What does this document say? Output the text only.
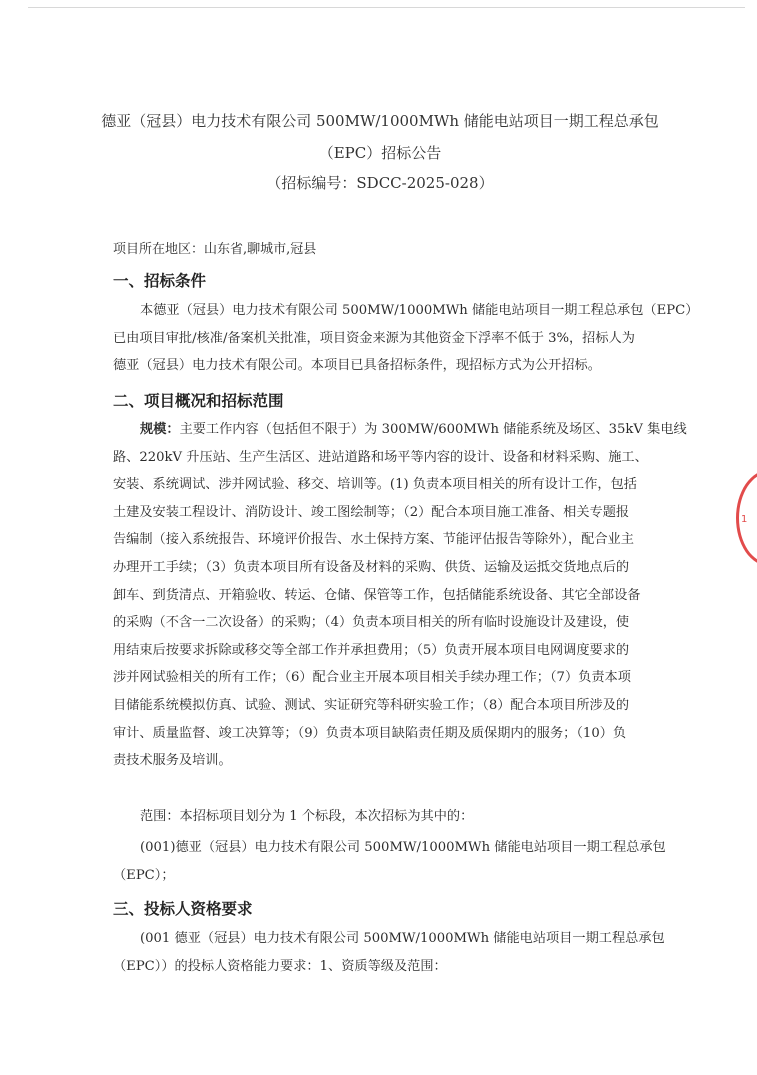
1
德亚（冠县）电力技术有限公司 500MW/1000MWh 储能电站项目一期工程总承包
（EPC）招标公告
（招标编号：SDCC-2025-028）
项目所在地区：山东省,聊城市,冠县
一、招标条件
本德亚（冠县）电力技术有限公司 500MW/1000MWh 储能电站项目一期工程总承包（EPC）
已由项目审批/核准/备案机关批准，项目资金来源为其他资金下浮率不低于 3%，招标人为
德亚（冠县）电力技术有限公司。本项目已具备招标条件，现招标方式为公开招标。
二、项目概况和招标范围
规模：主要工作内容（包括但不限于）为 300MW/600MWh 储能系统及场区、35kV 集电线
路、220kV 升压站、生产生活区、进站道路和场平等内容的设计、设备和材料采购、施工、
安装、系统调试、涉并网试验、移交、培训等。(1) 负责本项目相关的所有设计工作，包括
土建及安装工程设计、消防设计、竣工图绘制等；（2）配合本项目施工准备、相关专题报
告编制（接入系统报告、环境评价报告、水土保持方案、节能评估报告等除外），配合业主
办理开工手续；（3）负责本项目所有设备及材料的采购、供货、运输及运抵交货地点后的
卸车、到货清点、开箱验收、转运、仓储、保管等工作，包括储能系统设备、其它全部设备
的采购（不含一二次设备）的采购；（4）负责本项目相关的所有临时设施设计及建设，使
用结束后按要求拆除或移交等全部工作并承担费用；（5）负责开展本项目电网调度要求的
涉并网试验相关的所有工作；（6）配合业主开展本项目相关手续办理工作；（7）负责本项
目储能系统模拟仿真、试验、测试、实证研究等科研实验工作；（8）配合本项目所涉及的
审计、质量监督、竣工决算等；（9）负责本项目缺陷责任期及质保期内的服务；（10）负
责技术服务及培训。
范围：本招标项目划分为 1 个标段，本次招标为其中的：
(001)德亚（冠县）电力技术有限公司 500MW/1000MWh 储能电站项目一期工程总承包
（EPC）；
三、投标人资格要求
(001 德亚（冠县）电力技术有限公司 500MW/1000MWh 储能电站项目一期工程总承包
（EPC））的投标人资格能力要求：1、资质等级及范围：
